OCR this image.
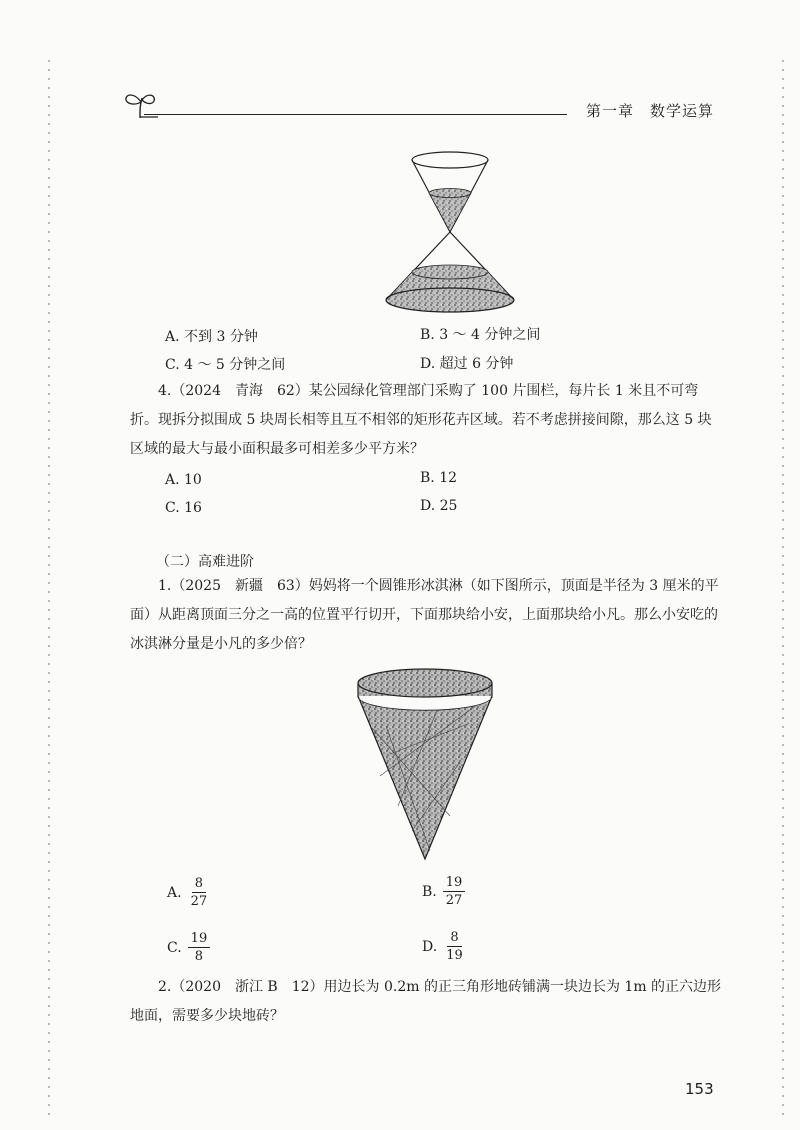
第一章　数学运算
A. 不到 3 分钟	B. 3 ～ 4 分钟之间
C. 4 ～ 5 分钟之间	D. 超过 6 分钟
4.（2024　青海　62）某公园绿化管理部门采购了 100 片围栏，每片长 1 米且不可弯折。现拆分拟围成 5 块周长相等且互不相邻的矩形花卉区域。若不考虑拼接间隙，那么这 5 块区域的最大与最小面积最多可相差多少平方米？
A. 10	B. 12
C. 16	D. 25
（二）高难进阶
1.（2025　新疆　63）妈妈将一个圆锥形冰淇淋（如下图所示，顶面是半径为 3 厘米的平面）从距离顶面三分之一高的位置平行切开，下面那块给小安，上面那块给小凡。那么小安吃的冰淇淋分量是小凡的多少倍？
A. $\frac{8}{27}$	B. $\frac{19}{27}$
C. $\frac{19}{8}$	D. $\frac{8}{19}$
2.（2020　浙江 B　12）用边长为 0.2m 的正三角形地砖铺满一块边长为 1m 的正六边形地面，需要多少块地砖？
153
